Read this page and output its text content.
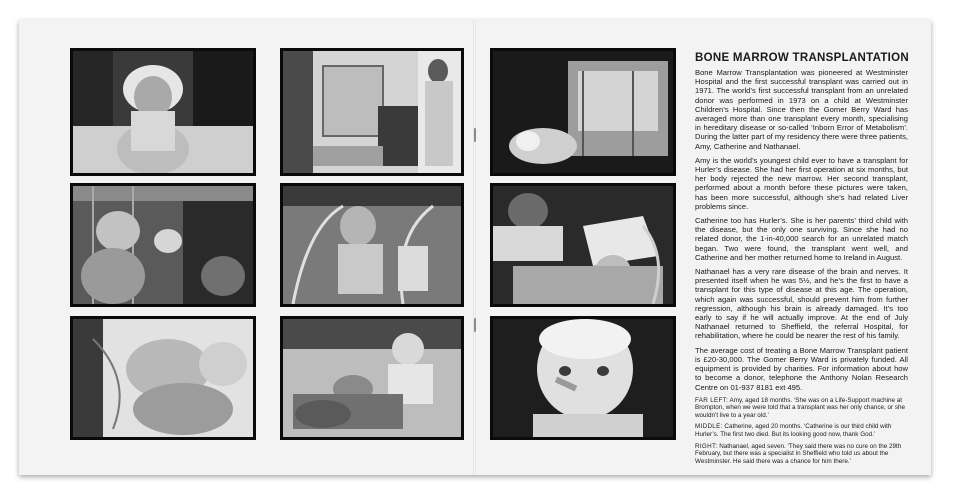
BONE MARROW TRANSPLANTATION

Bone Marrow Transplantation was pioneered at Westminster Hospital and the first successful transplant was carried out in 1971. The world’s first successful transplant from an unrelated donor was performed in 1973 on a child at Westminster Children’s Hospital. Since then the Gomer Berry Ward has averaged more than one transplant every month, specialising in hereditary disease or so-called ‘Inborn Error of Metabolism’. During the latter part of my residency there were three patients, Amy, Catherine and Nathanael.

Amy is the world’s youngest child ever to have a transplant for Hurler’s disease. She had her first operation at six months, but her body rejected the new marrow. Her second transplant, performed about a month before these pictures were taken, has been more successful, although she’s had related Liver problems since.

Catherine too has Hurler’s. She is her parents’ third child with the disease, but the only one surviving. Since she had no related donor, the 1-in-40,000 search for an unrelated match began. Two were found, the transplant went well, and Catherine and her mother returned home to Ireland in August.

Nathanael has a very rare disease of the brain and nerves. It presented itself when he was 5½, and he’s the first to have a transplant for this type of disease at this age. The operation, which again was successful, should prevent him from further regression, although his brain is already damaged. It’s too early to say if he will actually improve. At the end of July Nathanael returned to Sheffield, the referral Hospital, for rehabilitation, where he could be nearer the rest of his family.

The average cost of treating a Bone Marrow Transplant patient is £20-30,000. The Gomer Berry Ward is privately funded. All equipment is provided by charities. For information about how to become a donor, telephone the Anthony Nolan Research Centre on 01-937 8181 ext 495.

FAR LEFT: Amy, aged 18 months. ‘She was on a Life-Support machine at Brompton, when we were told that a transplant was her only chance, or she wouldn’t live to a year old.’

MIDDLE: Catherine, aged 20 months. ‘Catherine is our third child with Hurler’s. The first two died. But its looking good now, thank God.’

RIGHT: Nathanael, aged seven. ‘They said there was no cure on the 29th February, but there was a specialist in Sheffield who told us about the Westminster. He said there was a chance for him there.’
